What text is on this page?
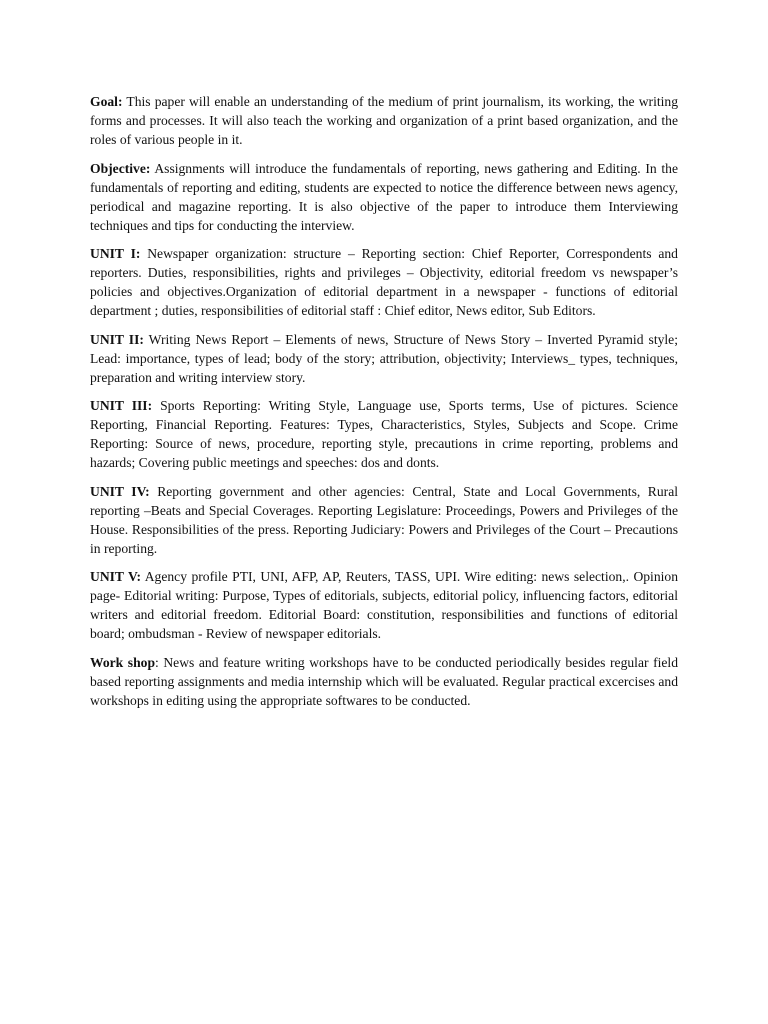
Goal: This paper will enable an understanding of the medium of print journalism, its working, the writing forms and processes. It will also teach the working and organization of a print based organization, and the roles of various people in it.

Objective: Assignments will introduce the fundamentals of reporting, news gathering and Editing. In the fundamentals of reporting and editing, students are expected to notice the difference between news agency, periodical and magazine reporting. It is also objective of the paper to introduce them Interviewing techniques and tips for conducting the interview.

UNIT I: Newspaper organization: structure – Reporting section: Chief Reporter, Correspondents and reporters. Duties, responsibilities, rights and privileges – Objectivity, editorial freedom vs newspaper’s policies and objectives.Organization of editorial department in a newspaper - functions of editorial department ; duties, responsibilities of editorial staff : Chief editor, News editor, Sub Editors.

UNIT II: Writing News Report – Elements of news, Structure of News Story – Inverted Pyramid style; Lead: importance, types of lead; body of the story; attribution, objectivity; Interviews_ types, techniques, preparation and writing interview story.

UNIT III: Sports Reporting: Writing Style, Language use, Sports terms, Use of pictures. Science Reporting, Financial Reporting. Features: Types, Characteristics, Styles, Subjects and Scope. Crime Reporting: Source of news, procedure, reporting style, precautions in crime reporting, problems and hazards; Covering public meetings and speeches: dos and donts.

UNIT IV: Reporting government and other agencies: Central, State and Local Governments, Rural reporting –Beats and Special Coverages. Reporting Legislature: Proceedings, Powers and Privileges of the House. Responsibilities of the press. Reporting Judiciary: Powers and Privileges of the Court – Precautions in reporting.

UNIT V: Agency profile PTI, UNI, AFP, AP, Reuters, TASS, UPI. Wire editing: news selection,. Opinion page- Editorial writing: Purpose, Types of editorials, subjects, editorial policy, influencing factors, editorial writers and editorial freedom. Editorial Board: constitution, responsibilities and functions of editorial board; ombudsman - Review of newspaper editorials.

Work shop: News and feature writing workshops have to be conducted periodically besides regular field based reporting assignments and media internship which will be evaluated. Regular practical excercises and workshops in editing using the appropriate softwares to be conducted.
